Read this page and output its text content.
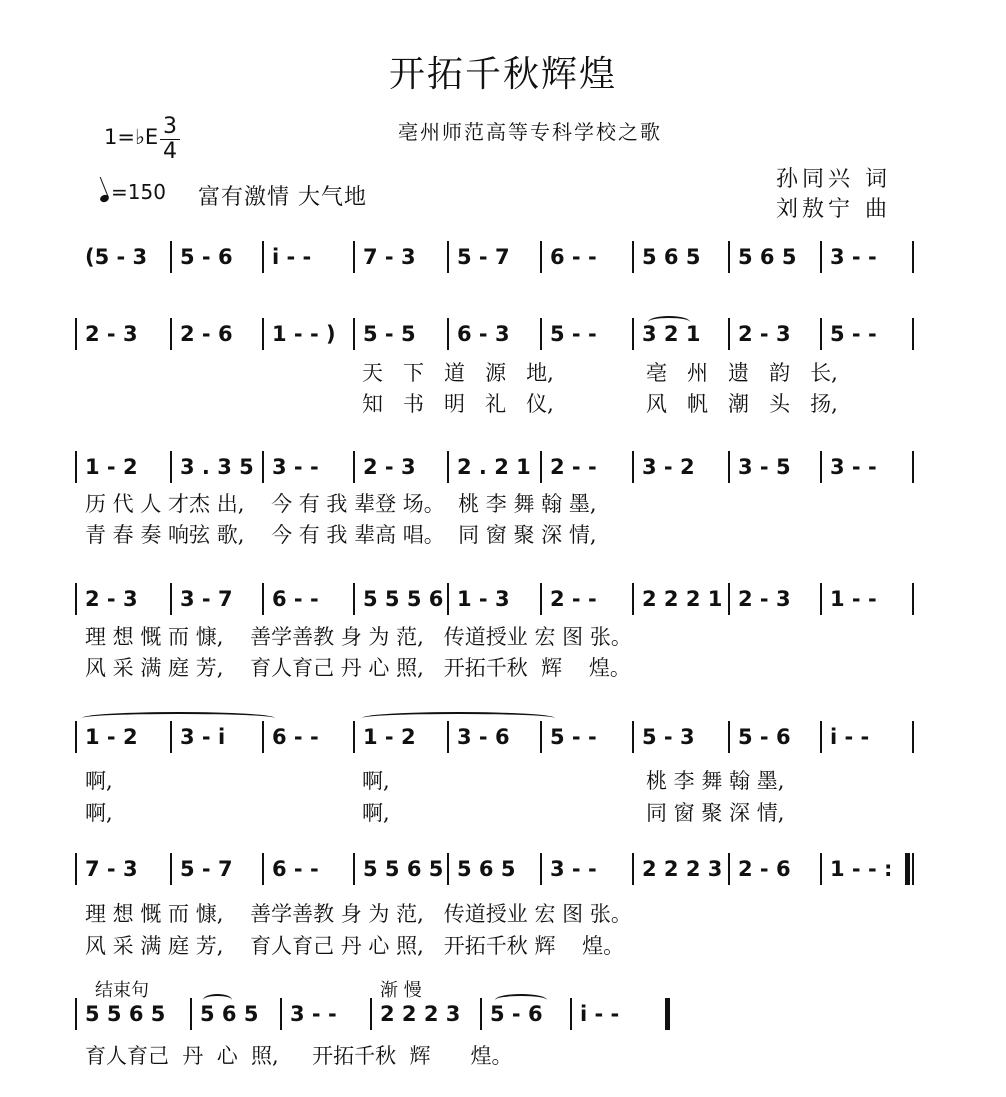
开拓千秋辉煌
亳州师范高等专科学校之歌
1=♭E 3
4
=150 富有激情 大气地
孙同兴 词
刘敖宁 曲
(5 - 3 5 - 6 i - - 7 - 3 5 - 7 6 - - 5 6 5 5 6 5 3 - -
2 - 3 2 - 6 1 - - ) 5 - 5 6 - 3 5 - - 3 2 1 2 - 3 5 - -
天   下   道   源   地,	亳   州   遗   韵   长,
知   书   明   礼   仪,	风   帆   潮   头   扬,
1 - 2 3 . 3 5 3 - - 2 - 3 2 . 2 1 2 - - 3 - 2 3 - 5 3 - -
历 代 人 才杰 出,    今 有 我 辈登 场。  桃 李 舞 翰 墨,
青 春 奏 响弦 歌,    今 有 我 辈高 唱。  同 窗 聚 深 情,
2 - 3 3 - 7 6 - - 5 5 5 6 1 - 3 2 - - 2 2 2 1 2 - 3 1 - -
理 想 慨 而 慷,    善学善教 身 为 范,   传道授业 宏 图 张。
风 采 满 庭 芳,    育人育己 丹 心 照,   开拓千秋  辉    煌。
1 - 2 3 - i 6 - - 1 - 2 3 - 6 5 - - 5 - 3 5 - 6 i - -
啊,	啊,	桃 李 舞 翰 墨,
啊,	啊,	同 窗 聚 深 情,
7 - 3 5 - 7 6 - - 5 5 6 5 5 6 5 3 - - 2 2 2 3 2 - 6 1 - - :
理 想 慨 而 慷,    善学善教 身 为 范,   传道授业 宏 图 张。
风 采 满 庭 芳,    育人育己 丹 心 照,   开拓千秋 辉    煌。
5 5 6 5 5 6 5 3 - - 2 2 2 3 5 - 6 i - -
育人育己  丹  心  照,     开拓千秋  辉      煌。
结束句	渐 慢
